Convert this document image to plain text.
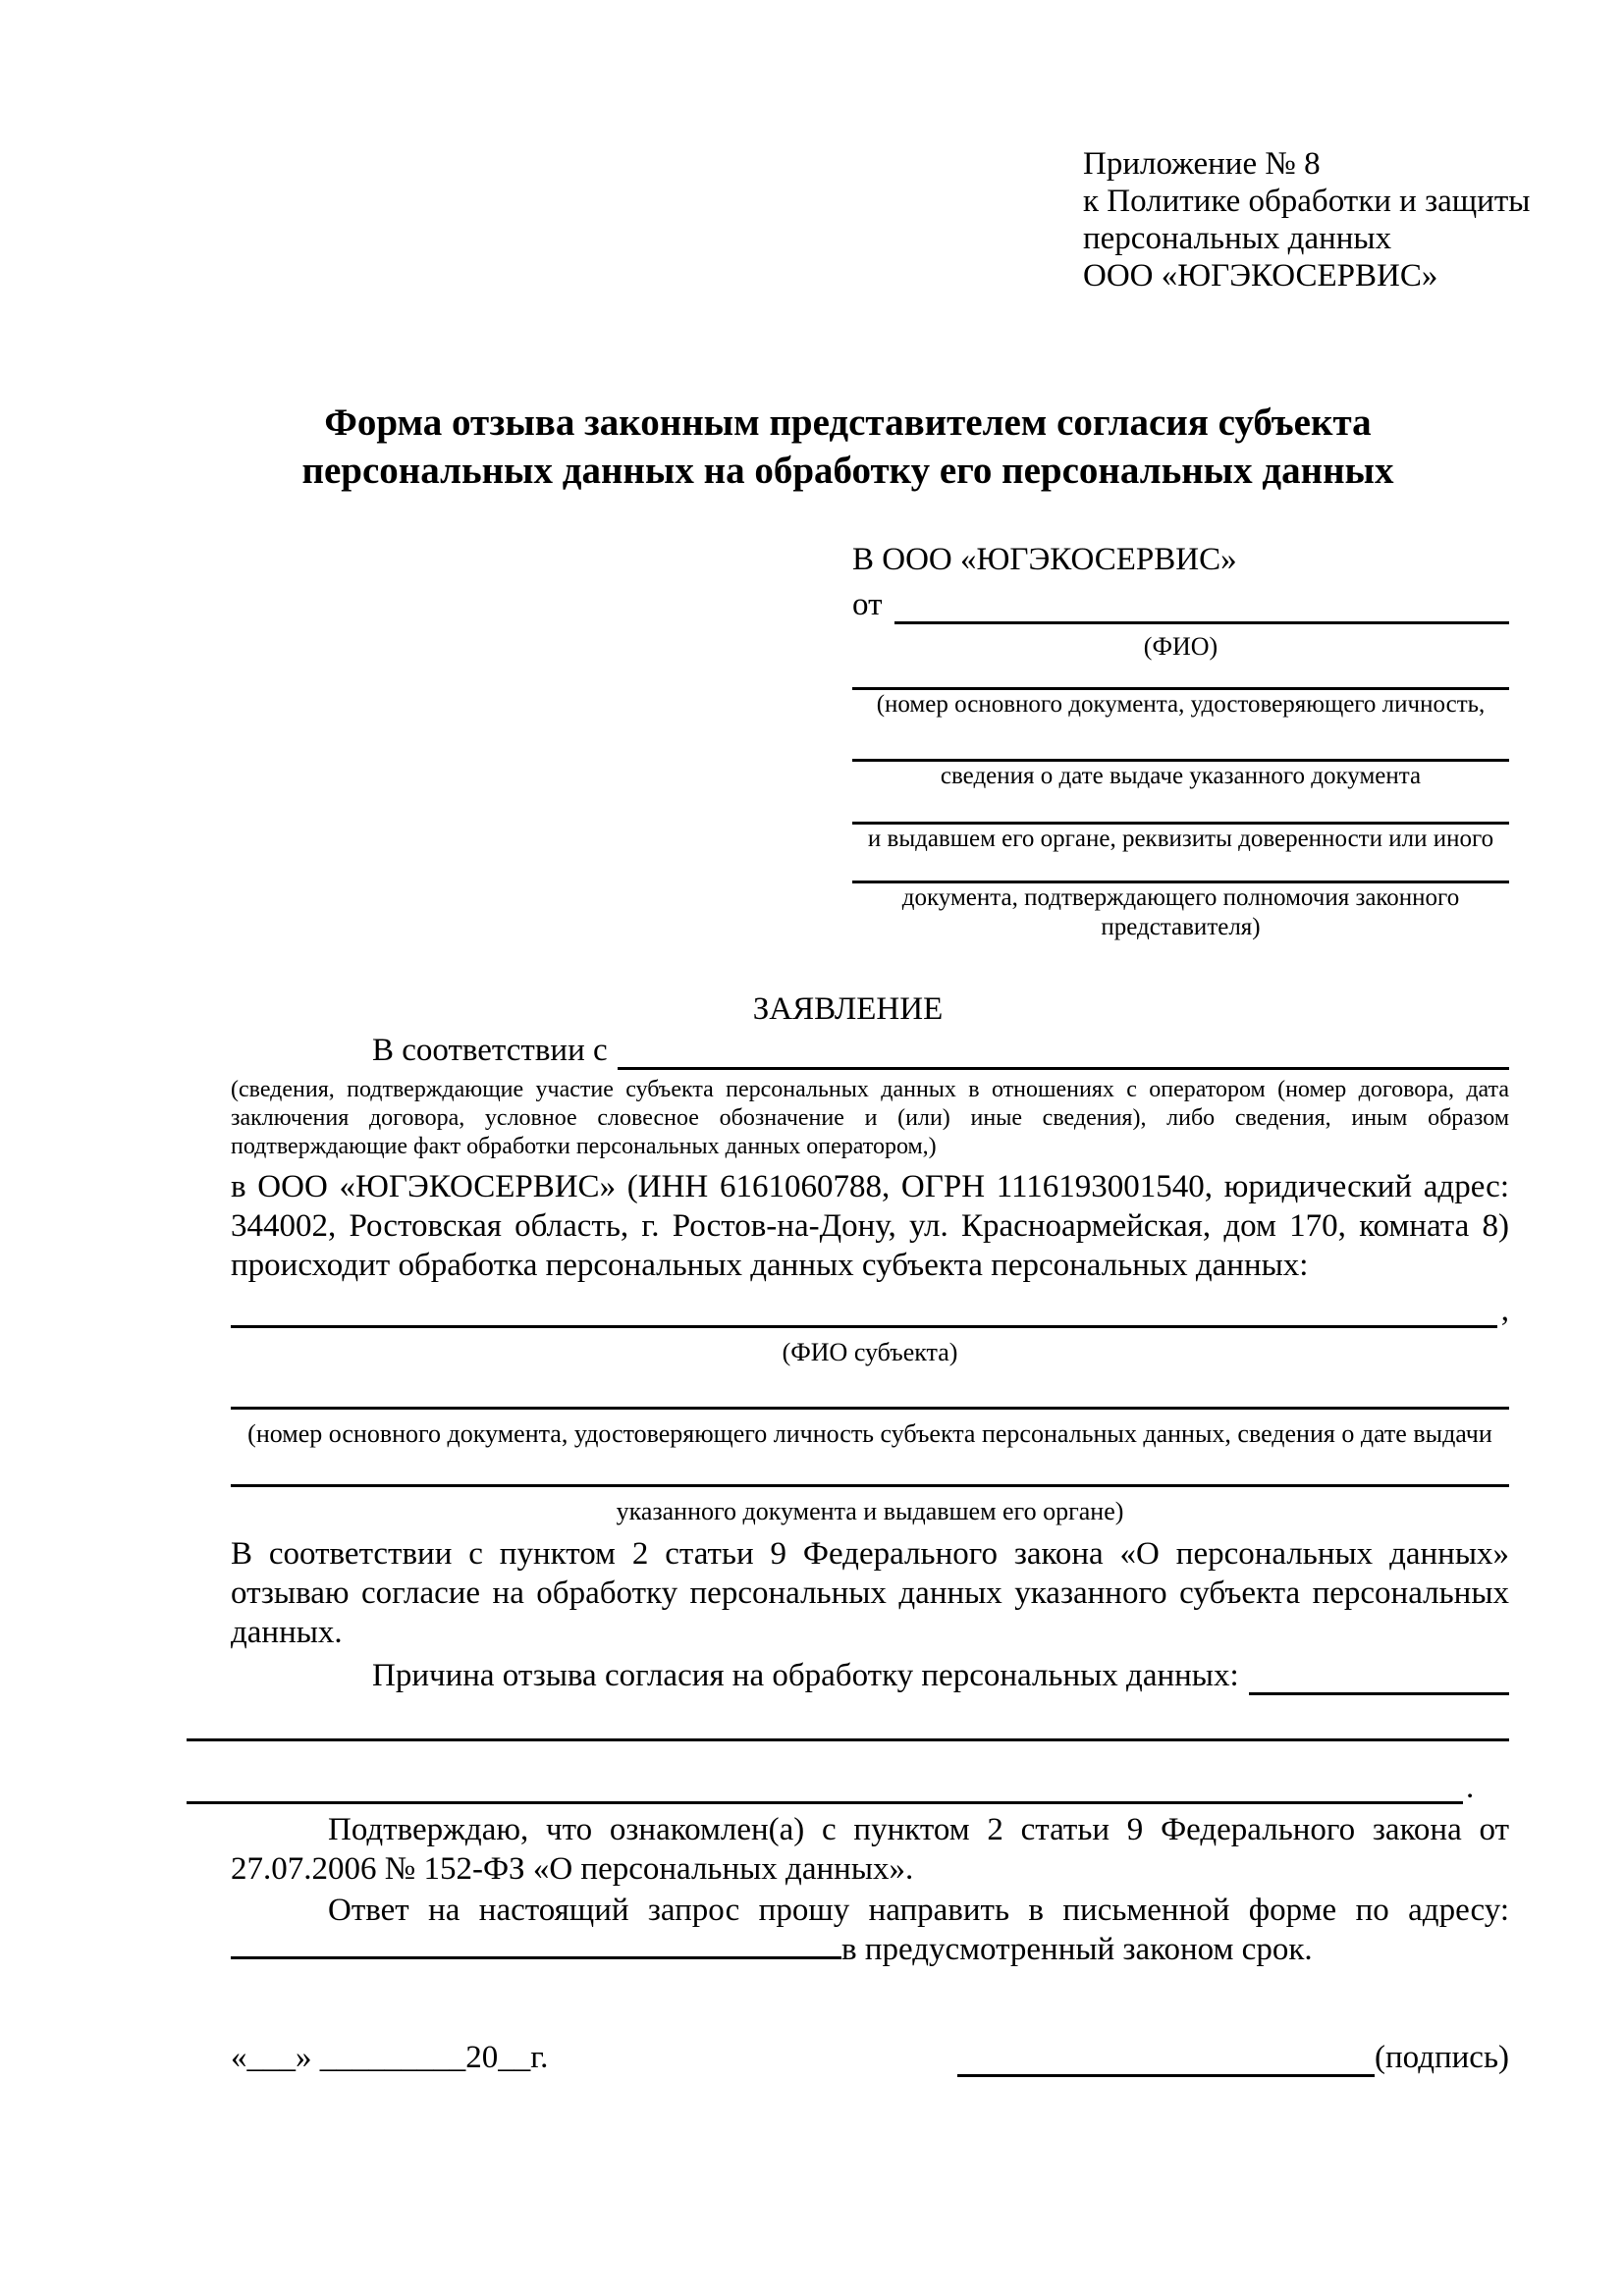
Приложение № 8
к Политике обработки и защиты
персональных данных
ООО «ЮГЭКОСЕРВИС»
Форма отзыва законным представителем согласия субъекта
персональных данных на обработку его персональных данных
В ООО «ЮГЭКОСЕРВИС»
от
(ФИО)
(номер основного документа, удостоверяющего личность,
сведения о дате выдаче указанного документа
и выдавшем его органе, реквизиты доверенности или иного
документа, подтверждающего полномочия законного представителя)
ЗАЯВЛЕНИЕ
В соответствии с
(сведения, подтверждающие участие субъекта персональных данных в отношениях с оператором (номер договора, дата заключения договора, условное словесное обозначение и (или) иные сведения), либо сведения, иным образом подтверждающие факт обработки персональных данных оператором,)
в ООО «ЮГЭКОСЕРВИС» (ИНН 6161060788, ОГРН 1116193001540, юридический адрес: 344002, Ростовская область, г. Ростов-на-Дону, ул. Красноармейская, дом 170, комната 8) происходит обработка персональных данных субъекта персональных данных:
,
(ФИО субъекта)
(номер основного документа, удостоверяющего личность субъекта персональных данных, сведения о дате выдачи
указанного документа и выдавшем его органе)
В соответствии с пунктом 2 статьи 9 Федерального закона «О персональных данных» отзываю согласие на обработку персональных данных указанного субъекта персональных данных.
Причина отзыва согласия на обработку персональных данных:
.
Подтверждаю, что ознакомлен(а) с пунктом 2 статьи 9 Федерального закона от 27.07.2006 № 152-ФЗ «О персональных данных».
Ответ на настоящий запрос прошу направить в письменной форме по адресу: в предусмотренный законом срок.
«___» _________20__г.	(подпись)
